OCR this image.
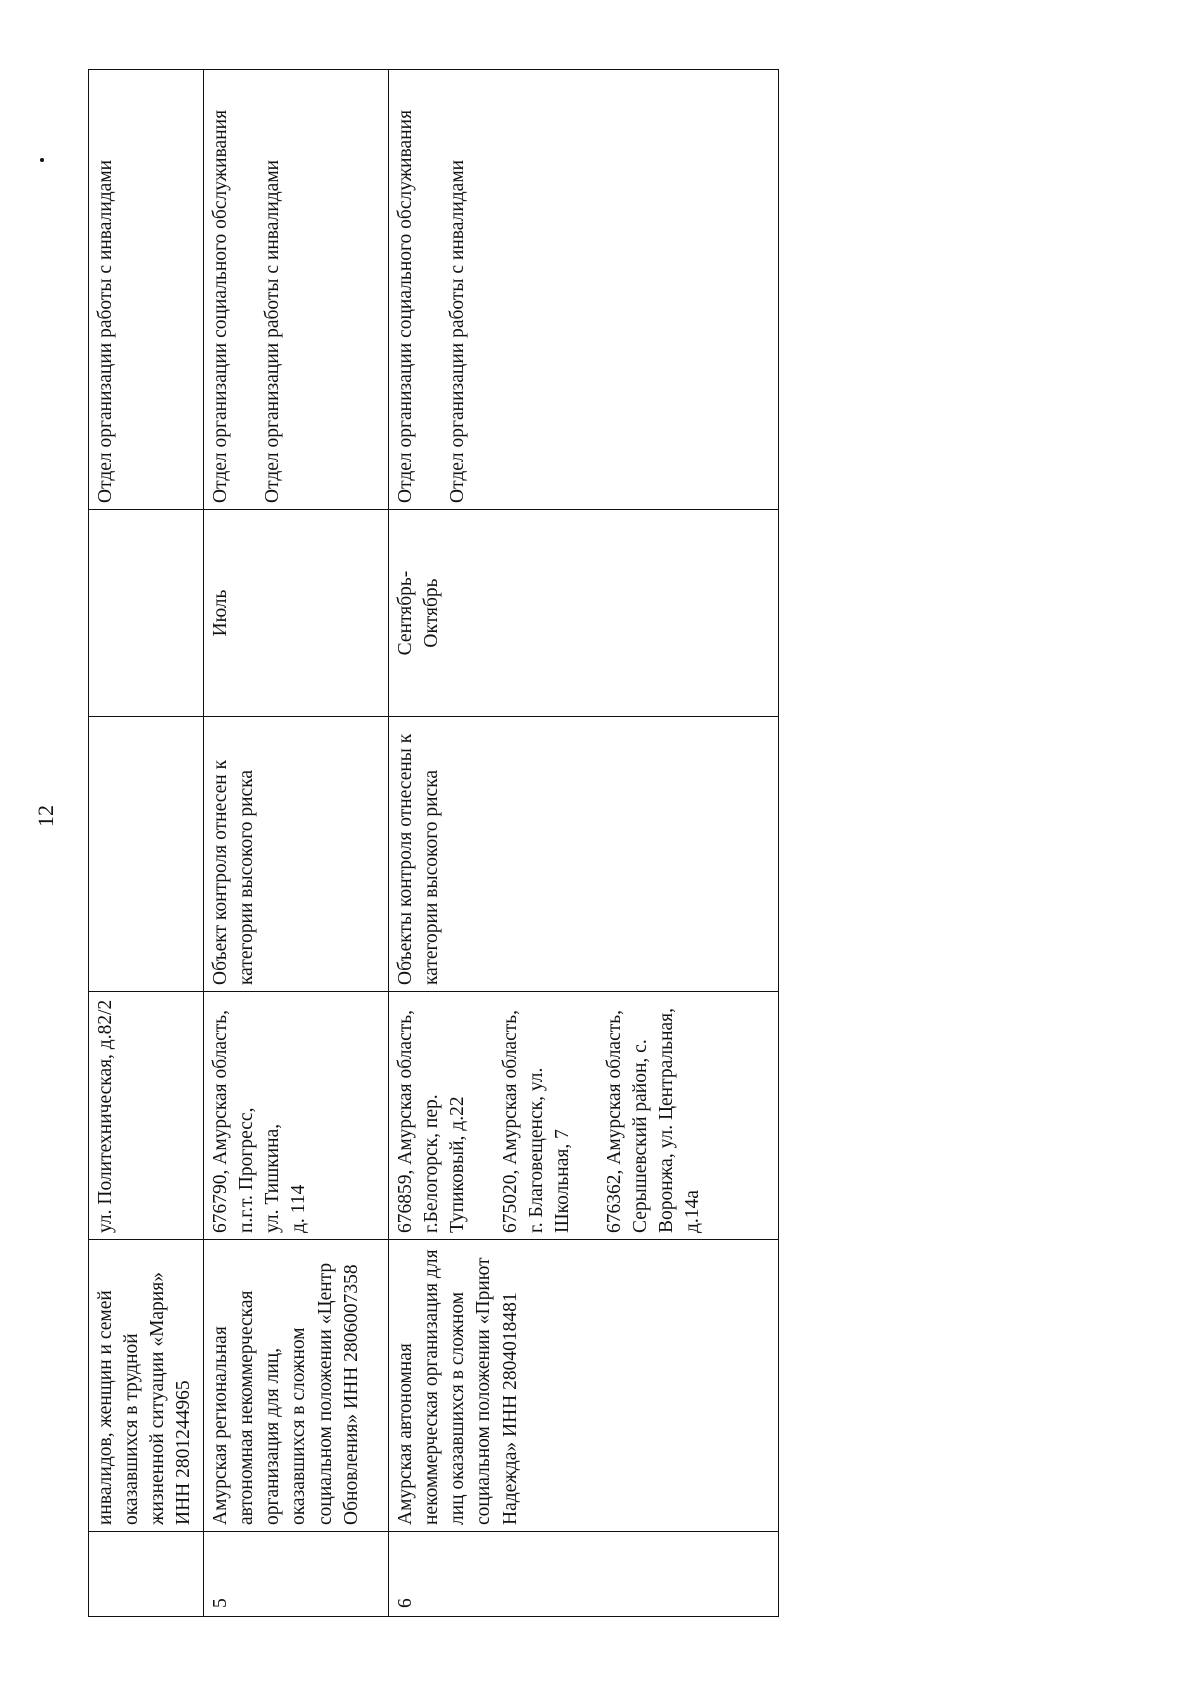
12
	инвалидов, женщин и семей оказавшихся в трудной жизненной ситуации «Мария» ИНН 2801244965	ул. Политехническая, д.82/2			Отдел организации работы с инвалидами
5	Амурская региональная автономная некоммерческая организация для лиц, оказавшихся в сложном социальном положении «Центр Обновления» ИНН 2806007358	676790, Амурская область,
п.г.т. Прогресс,
ул. Тишкина,
д. 114	Объект контроля отнесен к категории высокого риска	Июль	Отдел организации социального обслуживания

Отдел организации работы с инвалидами
6	Амурская автономная некоммерческая организация для лиц оказавшихся в сложном социальном положении «Приют Надежда» ИНН 2804018481	676859, Амурская область, г.Белогорск, пер. Тупиковый, д.22

675020, Амурская область,
г. Благовещенск, ул. Школьная, 7

676362, Амурская область, Серышевский район, с. Воронжа, ул. Центральная, д.14а	Объекты контроля отнесены к категории высокого риска	Сентябрь-
Октябрь	Отдел организации социального обслуживания

Отдел организации работы с инвалидами
